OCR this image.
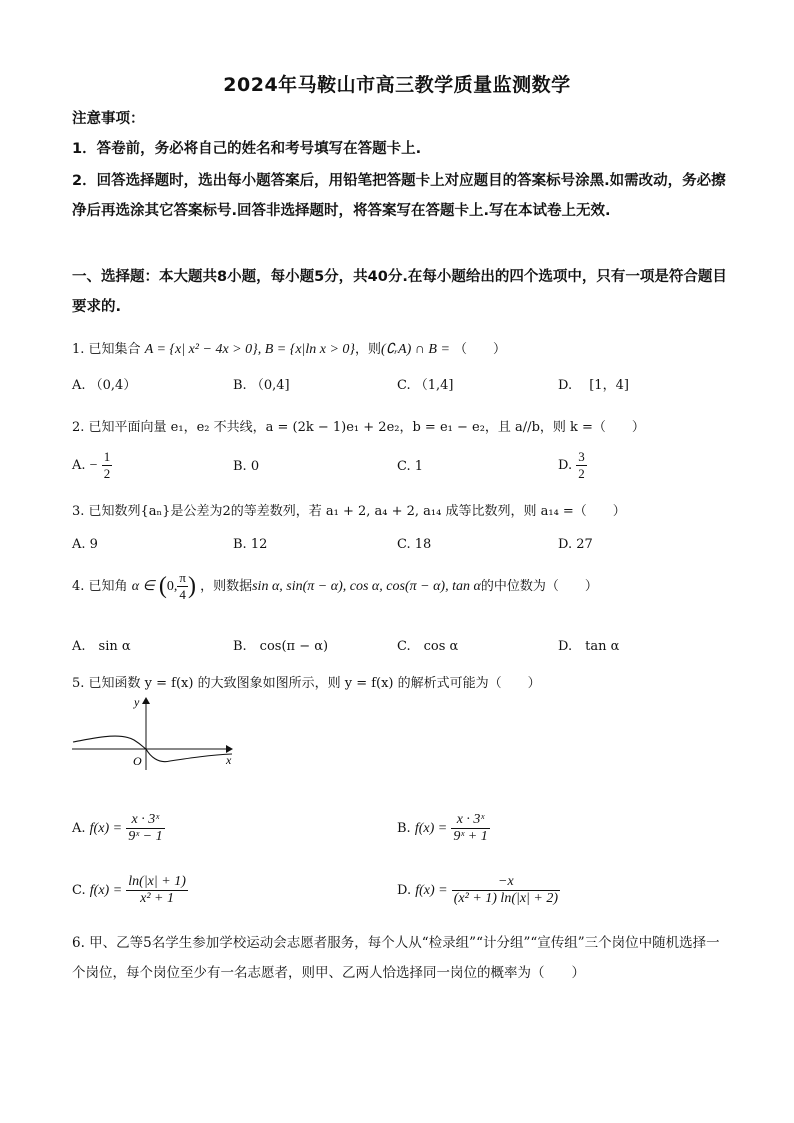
2024年马鞍山市高三教学质量监测数学
注意事项：
1．答卷前，务必将自己的姓名和考号填写在答题卡上.
2．回答选择题时，选出每小题答案后，用铅笔把答题卡上对应题目的答案标号涂黑.如需改动，务必擦净后再选涂其它答案标号.回答非选择题时，将答案写在答题卡上.写在本试卷上无效.
一、选择题：本大题共8小题，每小题5分，共40分.在每小题给出的四个选项中，只有一项是符合题目要求的.
1. 已知集合 A = {x| x² − 4x > 0}, B = {x|ln x > 0}，则(∁ᵣA) ∩ B = （　　）
A. （0,4）	B. （0,4]	C. （1,4]	D. 　[1，4]
2. 已知平面向量 e₁，e₂ 不共线，a = (2k − 1)e₁ + 2e₂，b = e₁ − e₂，且 a//b，则 k =（　　）
A. − $\frac{1}{2}$	B. 0	C. 1	D. $\frac{3}{2}$
3. 已知数列{aₙ}是公差为2的等差数列，若 a₁ + 2, a₄ + 2, a₁₄ 成等比数列，则 a₁₄ =（　　）
A. 9	B. 12	C. 18	D. 27
4. 已知角 α ∈ (0, $\frac{\pi}{4}$ ) ，则数据sin α, sin(π − α), cos α, cos(π − α), tan α的中位数为（　　）
A.　sin α	B.　cos(π − α)	C.　cos α	D.　tan α
5. 已知函数 y = f(x) 的大致图象如图所示，则 y = f(x) 的解析式可能为（　　）
y
x
O
A. $f(x) = \frac{\text{x · 3ˣ}}{\text{9ˣ − 1}}$	B. $f(x) = \frac{\text{x · 3ˣ}}{\text{9ˣ + 1}}$
C. $f(x) = \frac{\ln(|x| + 1)}{\text{x² + 1}}$	D. $f(x) = \frac{-x}{\text{(x² + 1) ln(|x| + 2)}}$
6. 甲、乙等5名学生参加学校运动会志愿者服务，每个人从“检录组”“计分组”“宣传组”三个岗位中随机选择一个岗位，每个岗位至少有一名志愿者，则甲、乙两人恰选择同一岗位的概率为（　　）
